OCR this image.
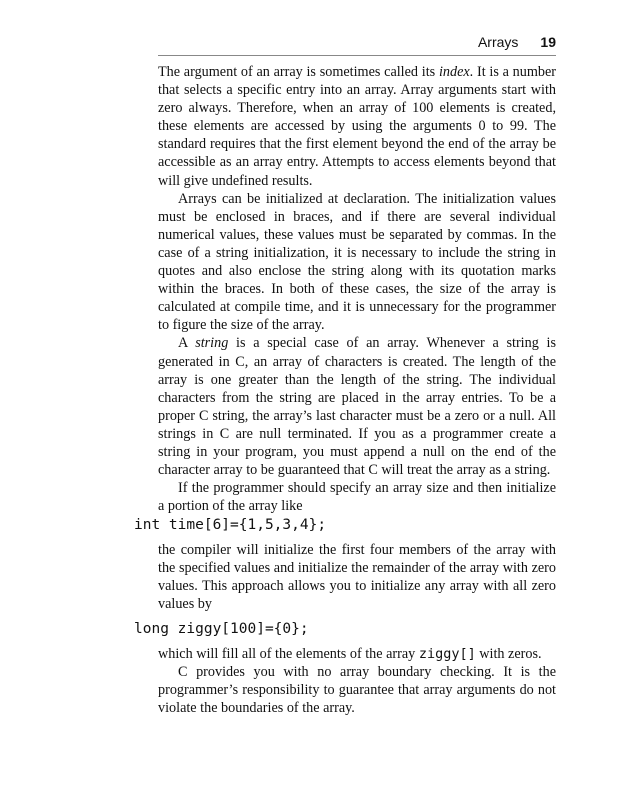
Arrays 19

The argument of an array is sometimes called its index. It is a number that selects a specific entry into an array. Array arguments start with zero always. Therefore, when an array of 100 elements is created, these elements are accessed by using the arguments 0 to 99. The standard requires that the first element beyond the end of the array be accessible as an array entry. Attempts to access elements beyond that will give undefined results.

Arrays can be initialized at declaration. The initialization values must be enclosed in braces, and if there are several individual numerical values, these values must be separated by commas. In the case of a string initialization, it is necessary to include the string in quotes and also enclose the string along with its quotation marks within the braces. In both of these cases, the size of the array is calculated at compile time, and it is unnecessary for the programmer to figure the size of the array.

A string is a special case of an array. Whenever a string is generated in C, an array of characters is created. The length of the array is one greater than the length of the string. The individual characters from the string are placed in the array entries. To be a proper C string, the array’s last character must be a zero or a null. All strings in C are null terminated. If you as a programmer create a string in your program, you must append a null on the end of the character array to be guaranteed that C will treat the array as a string.

If the programmer should specify an array size and then initialize a portion of the array like

int time[6]={1,5,3,4};

the compiler will initialize the first four members of the array with the specified values and initialize the remainder of the array with zero values. This approach allows you to initialize any array with all zero values by

long ziggy[100]={0};

which will fill all of the elements of the array ziggy[] with zeros.

C provides you with no array boundary checking. It is the programmer’s responsibility to guarantee that array arguments do not violate the boundaries of the array.
